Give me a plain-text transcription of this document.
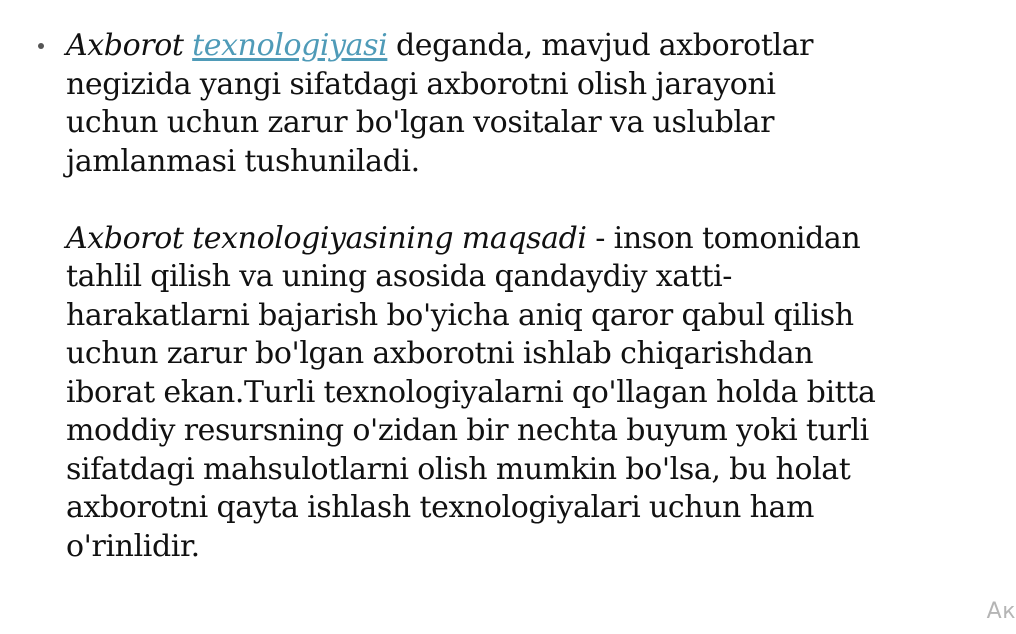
Axborot texnologiyasi deganda, mavjud axborotlar
negizida yangi sifatdagi axborotni olish jarayoni
uchun uchun zarur bo'lgan vositalar va uslublar
jamlanmasi tushuniladi.

Axborot texnologiyasining maqsadi - inson tomonidan
tahlil qilish va uning asosida qandaydiy xatti-
harakatlarni bajarish bo'yicha aniq qaror qabul qilish
uchun zarur bo'lgan axborotni ishlab chiqarishdan
iborat ekan.Turli texnologiyalarni qo'llagan holda bitta
moddiy resursning o'zidan bir nechta buyum yoki turli
sifatdagi mahsulotlarni olish mumkin bo'lsa, bu holat
axborotni qayta ishlash texnologiyalari uchun ham
o'rinlidir.

Ак
